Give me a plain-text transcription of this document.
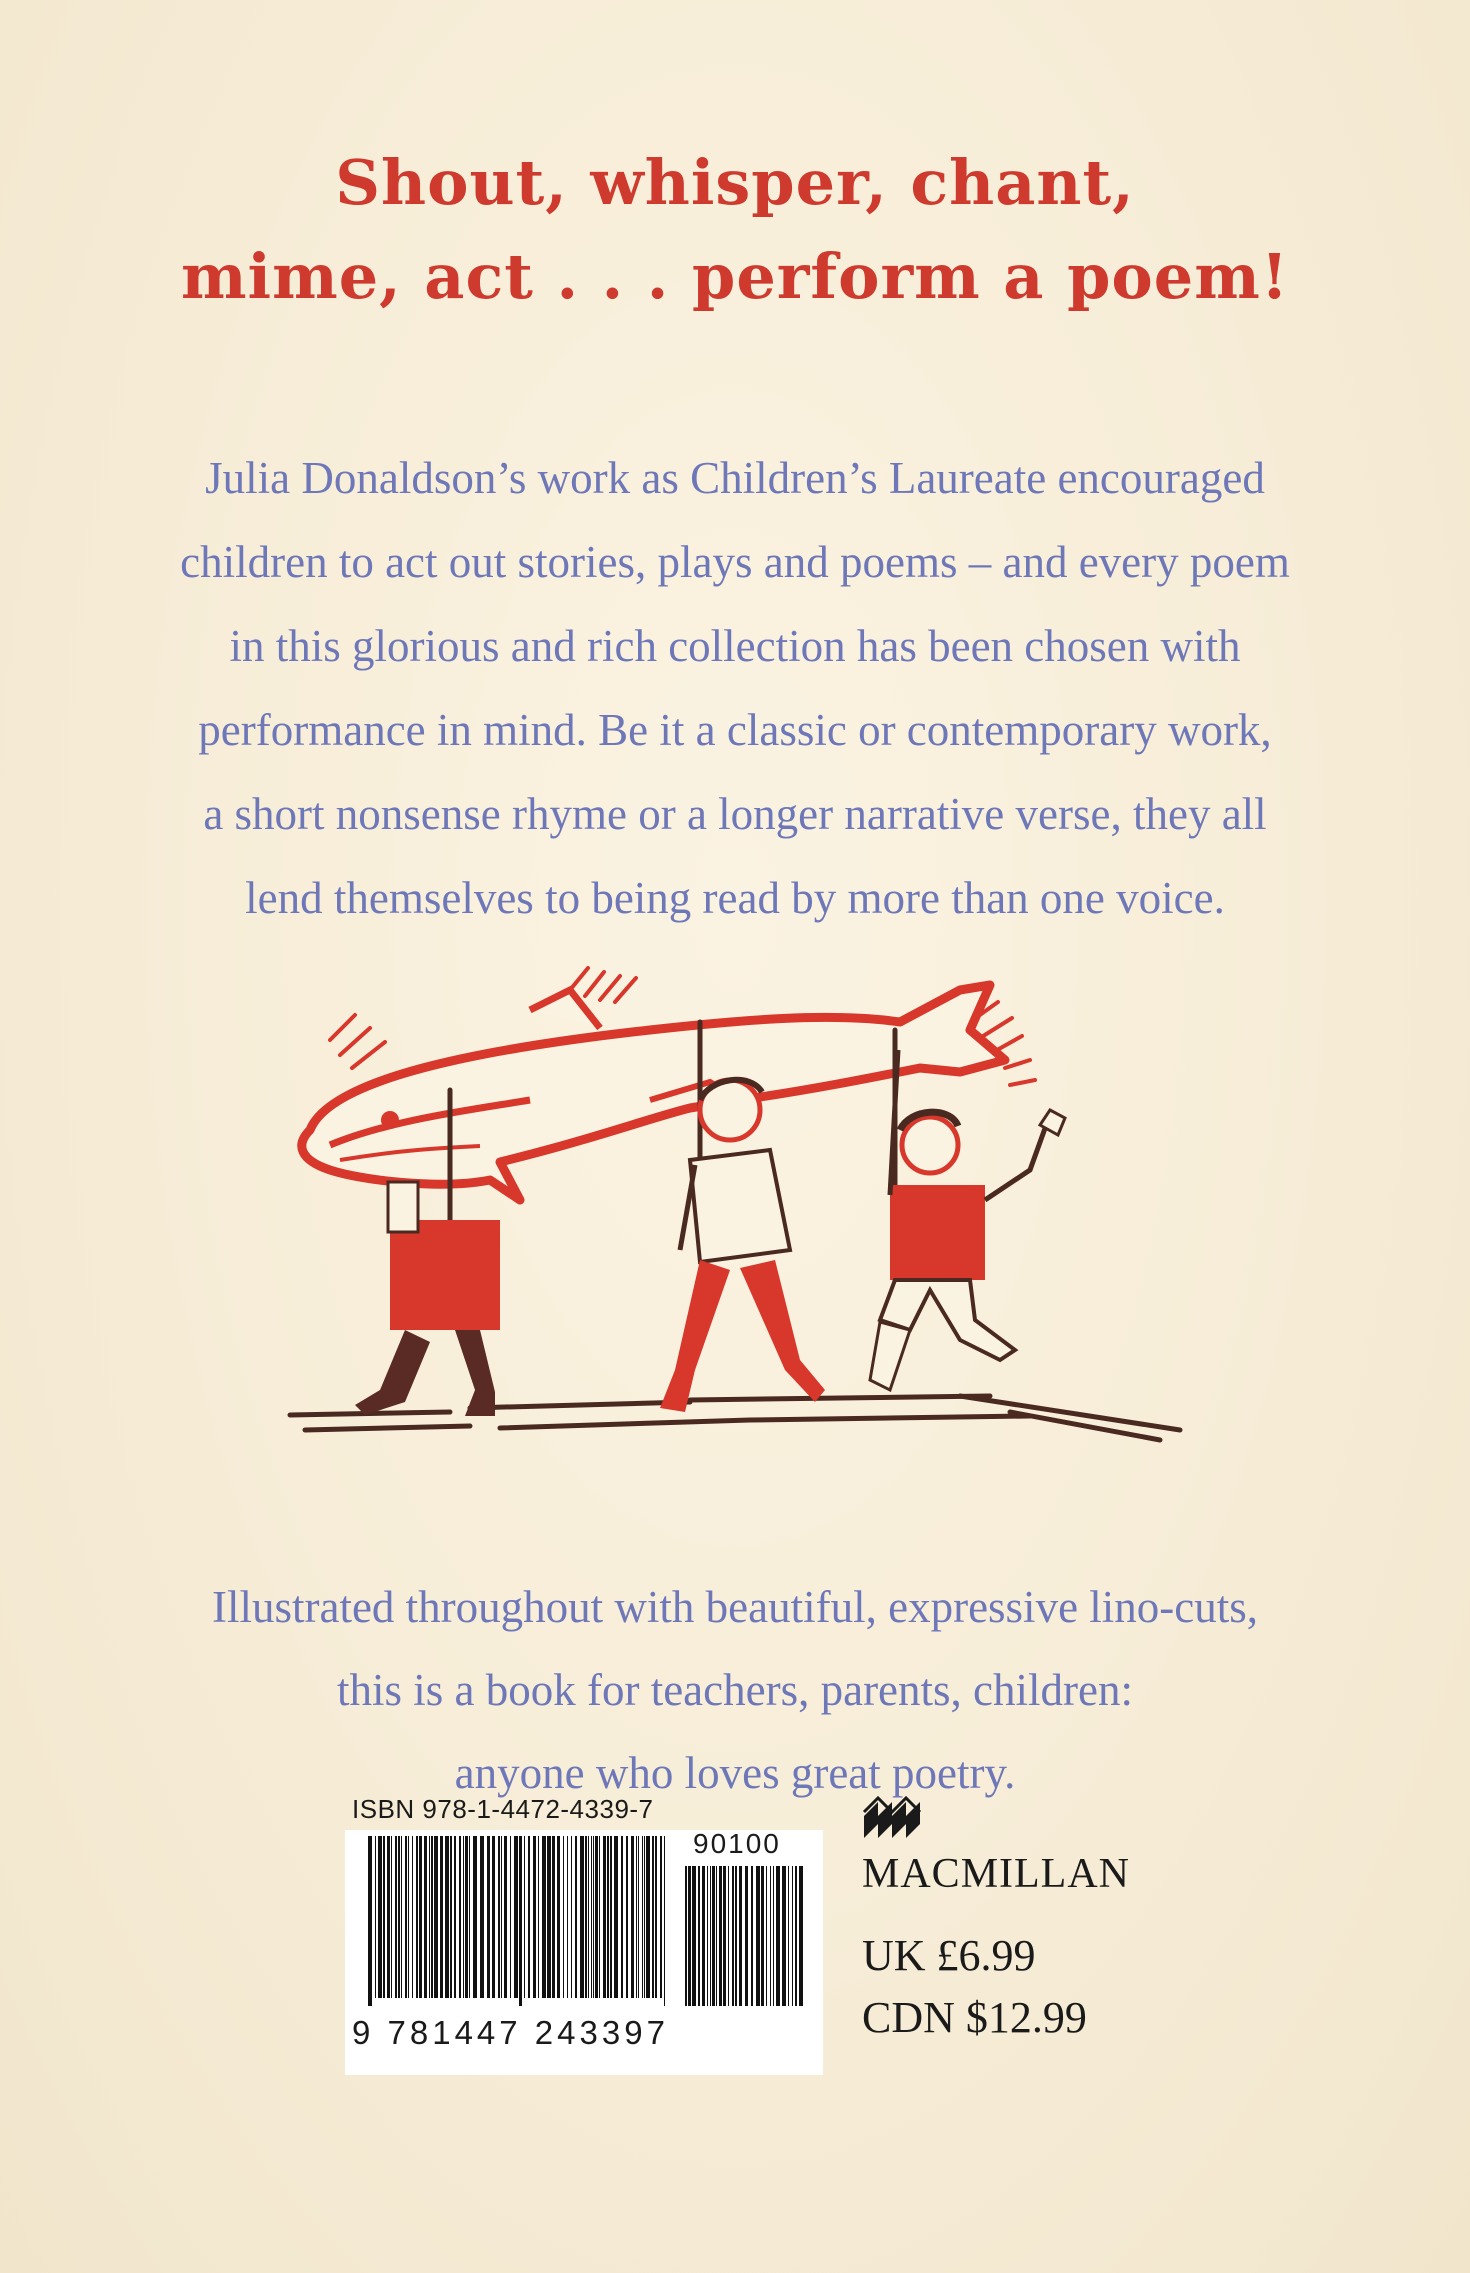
Shout, whisper, chant,
mime, act . . . perform a poem!
Julia Donaldson’s work as Children’s Laureate encouraged
children to act out stories, plays and poems – and every poem
in this glorious and rich collection has been chosen with
performance in mind. Be it a classic or contemporary work,
a short nonsense rhyme or a longer narrative verse, they all
lend themselves to being read by more than one voice.
Illustrated throughout with beautiful, expressive lino-cuts,
this is a book for teachers, parents, children:
anyone who loves great poetry.
ISBN 978-1-4472-4339-7
90100
9 781447 243397
MACMILLAN
UK £6.99
CDN $12.99
